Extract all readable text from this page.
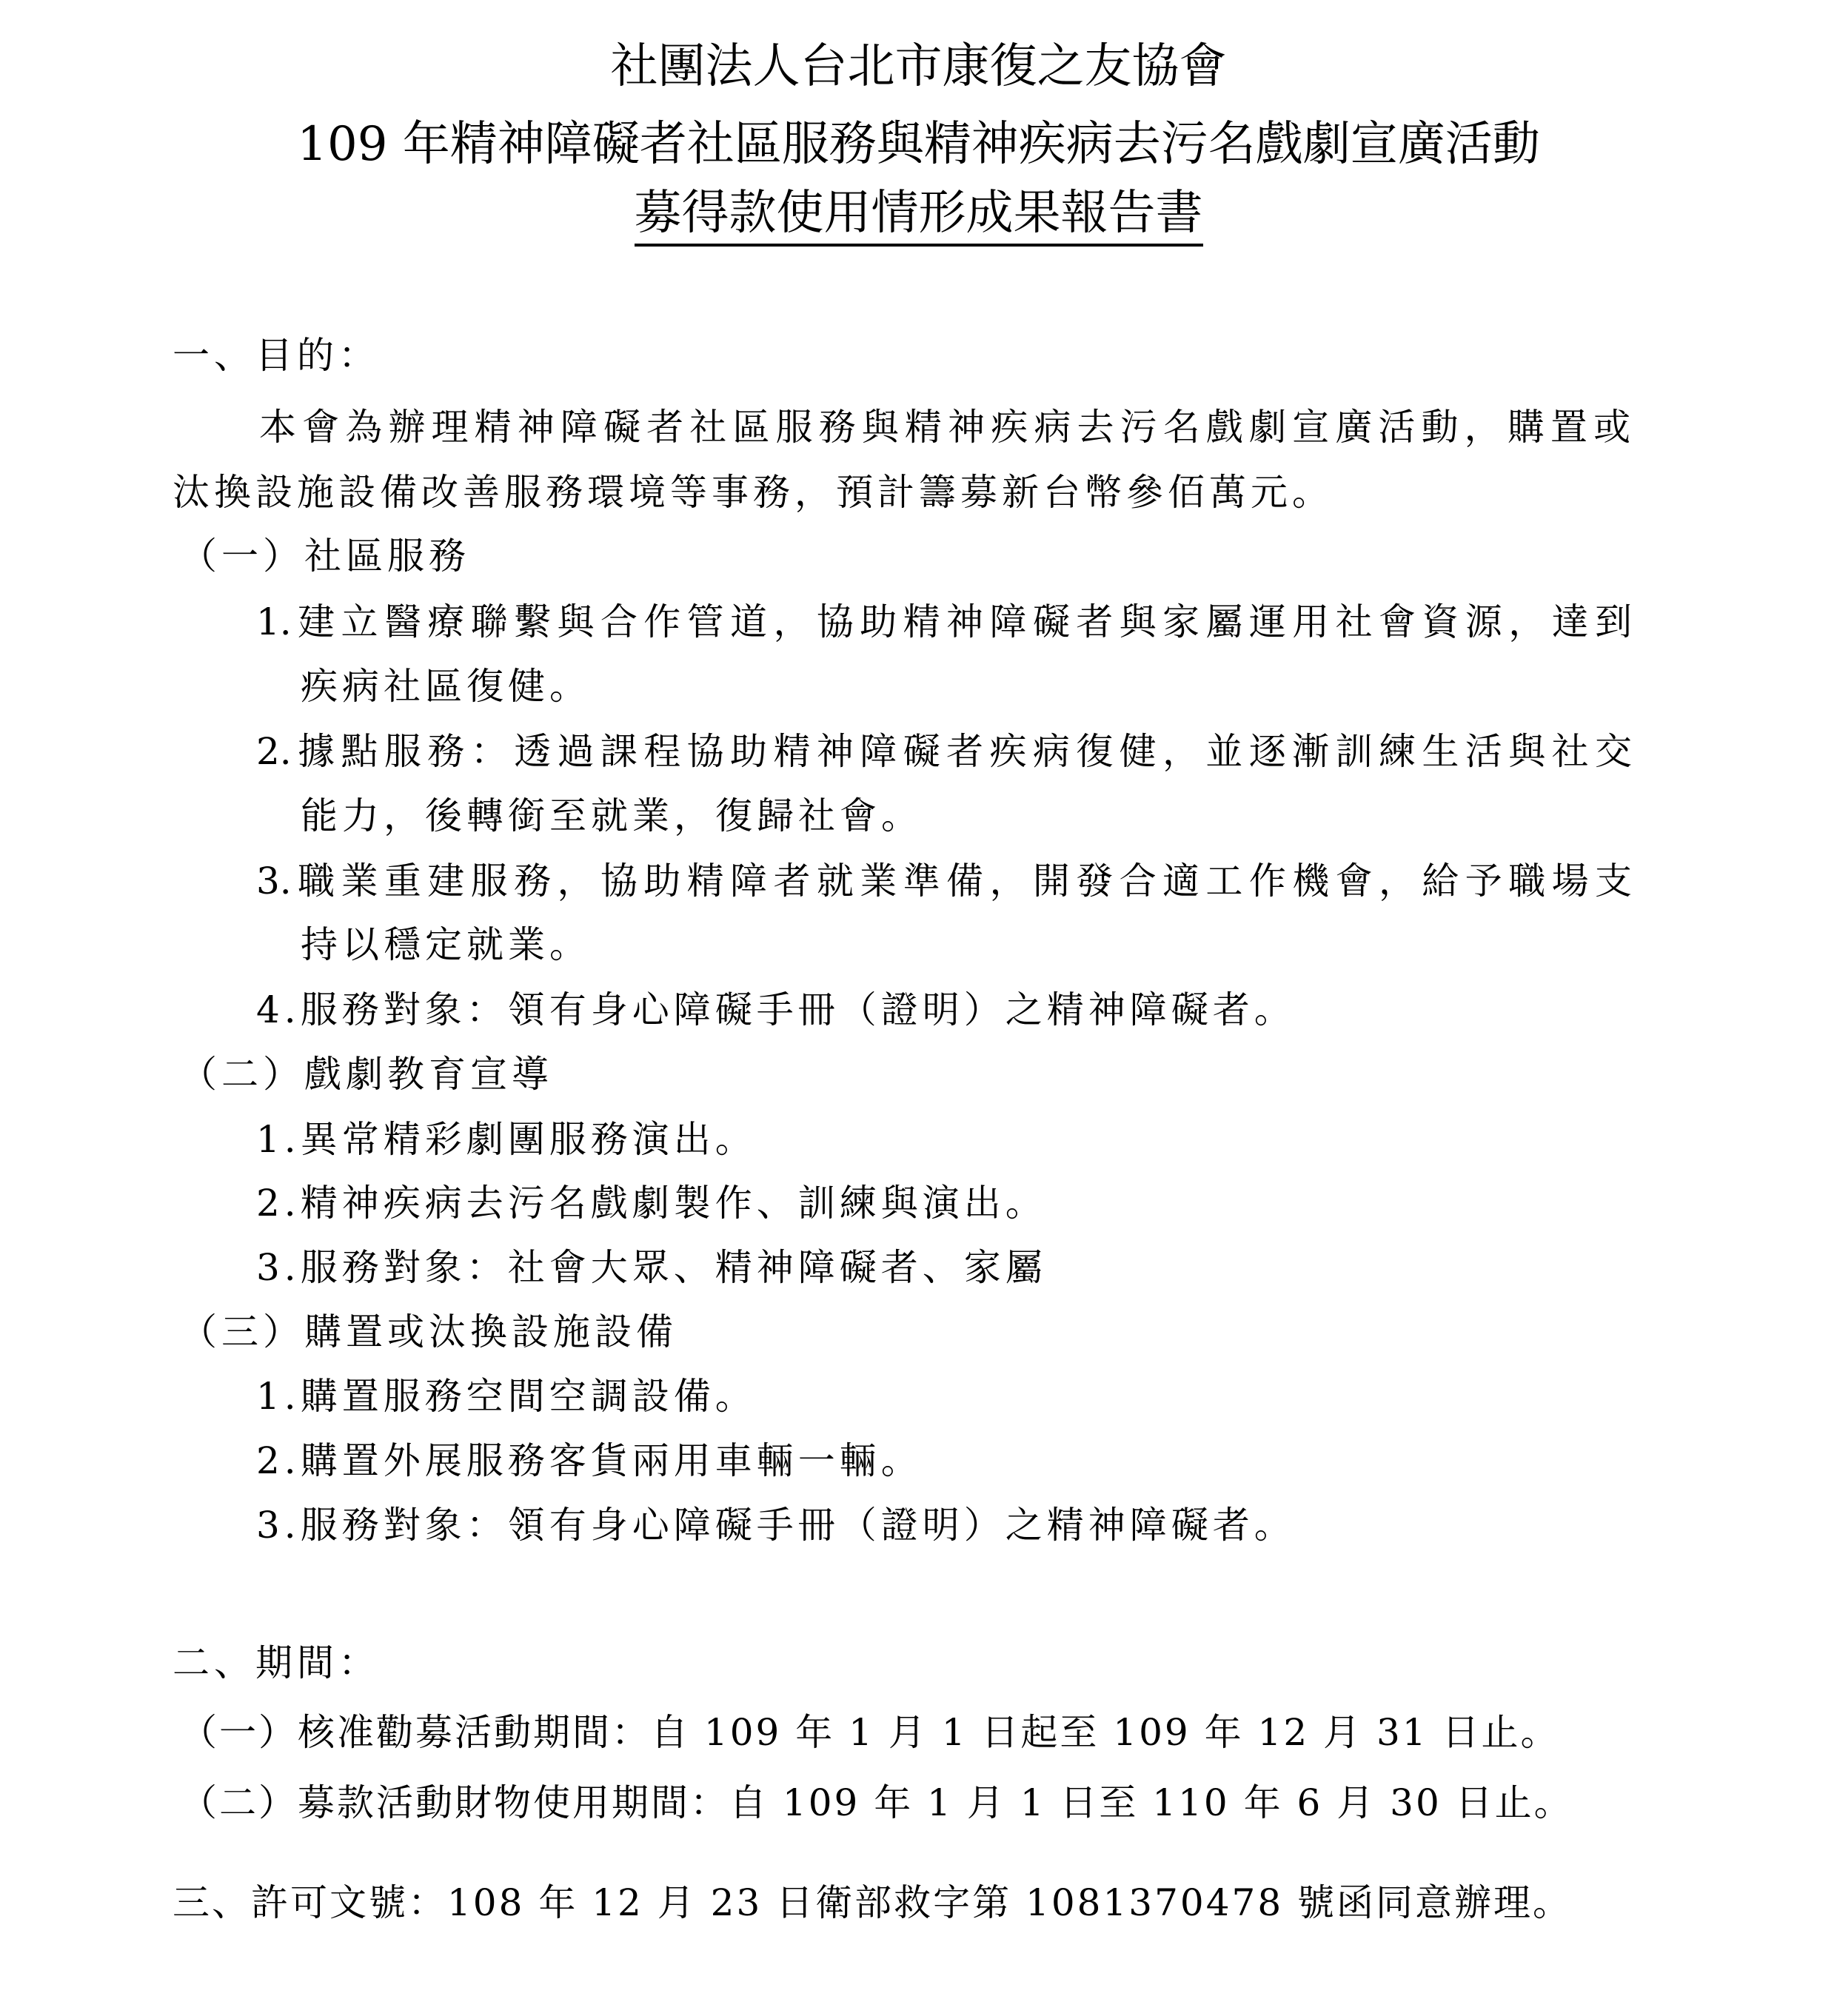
社團法人台北市康復之友協會
109 年精神障礙者社區服務與精神疾病去污名戲劇宣廣活動
募得款使用情形成果報告書
一、目的：
本會為辦理精神障礙者社區服務與精神疾病去污名戲劇宣廣活動，購置或
汰換設施設備改善服務環境等事務，預計籌募新台幣參佰萬元。
（一）社區服務
1.建立醫療聯繫與合作管道，協助精神障礙者與家屬運用社會資源，達到
疾病社區復健。
2.據點服務：透過課程協助精神障礙者疾病復健，並逐漸訓練生活與社交
能力，後轉銜至就業，復歸社會。
3.職業重建服務，協助精障者就業準備，開發合適工作機會，給予職場支
持以穩定就業。
4.服務對象：領有身心障礙手冊（證明）之精神障礙者。
（二）戲劇教育宣導
1.異常精彩劇團服務演出。
2.精神疾病去污名戲劇製作、訓練與演出。
3.服務對象：社會大眾、精神障礙者、家屬
（三）購置或汰換設施設備
1.購置服務空間空調設備。
2.購置外展服務客貨兩用車輛一輛。
3.服務對象：領有身心障礙手冊（證明）之精神障礙者。
二、期間：
（一）核准勸募活動期間：自 109 年 1 月 1 日起至 109 年 12 月 31 日止。
（二）募款活動財物使用期間：自 109 年 1 月 1 日至 110 年 6 月 30 日止。
三、許可文號：108 年 12 月 23 日衛部救字第 1081370478 號函同意辦理。
